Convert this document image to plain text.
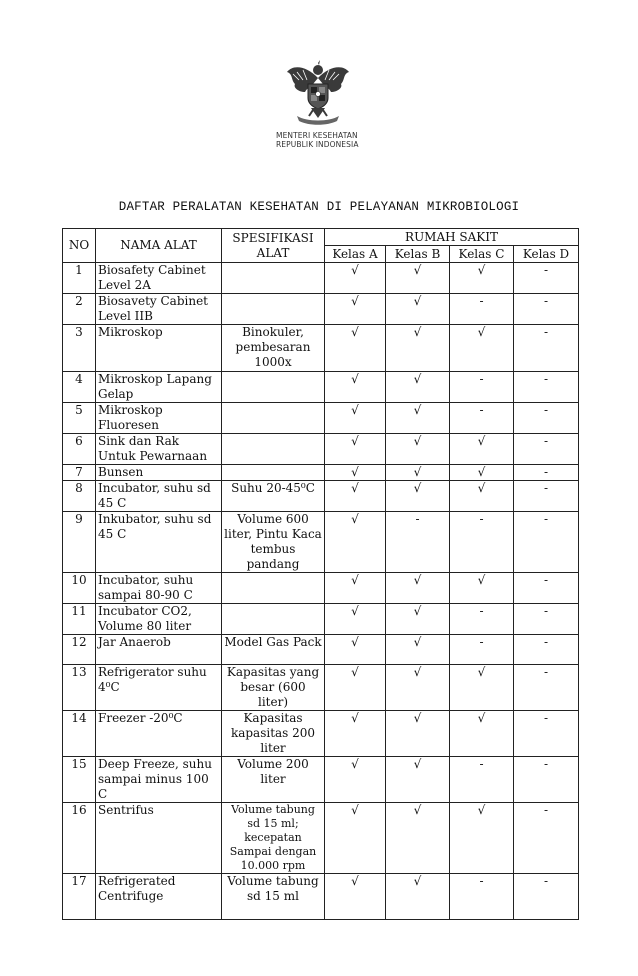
MENTERI KESEHATAN
REPUBLIK INDONESIA
DAFTAR PERALATAN KESEHATAN DI PELAYANAN MIKROBIOLOGI
NO	NAMA ALAT	SPESIFIKASI ALAT	RUMAH SAKIT			
			Kelas A	Kelas B	Kelas C	Kelas D
1	Biosafety Cabinet Level 2A		√	√	√	-
2	Biosavety Cabinet Level IIB		√	√	-	-
3	Mikroskop	Binokuler, pembesaran 1000x	√	√	√	-
4	Mikroskop Lapang Gelap		√	√	-	-
5	Mikroskop Fluoresen		√	√	-	-
6	Sink dan Rak Untuk Pewarnaan		√	√	√	-
7	Bunsen		√	√	√	-
8	Incubator, suhu sd 45 C	Suhu 20-45⁰C	√	√	√	-
9	Inkubator, suhu sd 45 C	Volume 600 liter, Pintu Kaca tembus pandang	√	-	-	-
10	Incubator, suhu sampai 80-90 C		√	√	√	-
11	Incubator CO2, Volume 80 liter		√	√	-	-
12	Jar Anaerob	Model Gas Pack	√	√	-	-
13	Refrigerator suhu 4⁰C	Kapasitas yang besar (600 liter)	√	√	√	-
14	Freezer -20⁰C	Kapasitas kapasitas 200 liter	√	√	√	-
15	Deep Freeze, suhu sampai minus 100 C	Volume 200 liter	√	√	-	-
16	Sentrifus	Volume tabung sd 15 ml; kecepatan Sampai dengan 10.000 rpm	√	√	√	-
17	Refrigerated Centrifuge	Volume tabung sd 15 ml	√	√	-	-
